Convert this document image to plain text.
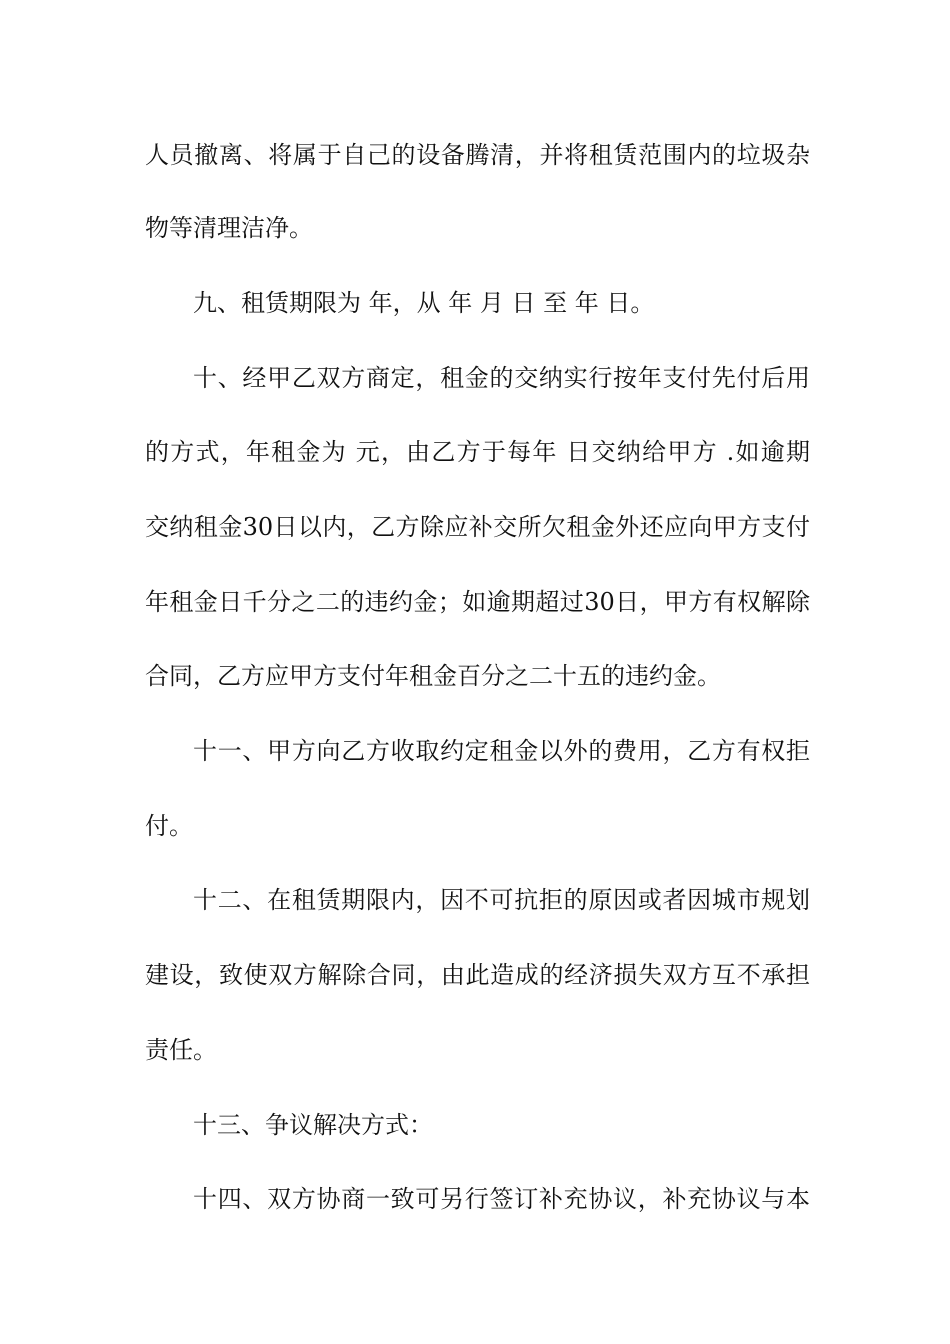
人员撤离、将属于自己的设备腾清，并将租赁范围内的垃圾杂
物等清理洁净。
九、租赁期限为 年，从 年 月 日 至 年 日。
十、经甲乙双方商定，租金的交纳实行按年支付先付后用
的方式，年租金为 元，由乙方于每年 日交纳给甲方 .如逾期
交纳租金30日以内，乙方除应补交所欠租金外还应向甲方支付
年租金日千分之二的违约金；如逾期超过30日，甲方有权解除
合同，乙方应甲方支付年租金百分之二十五的违约金。
十一、甲方向乙方收取约定租金以外的费用，乙方有权拒
付。
十二、在租赁期限内，因不可抗拒的原因或者因城市规划
建设，致使双方解除合同，由此造成的经济损失双方互不承担
责任。
十三、争议解决方式：
十四、双方协商一致可另行签订补充协议，补充协议与本
